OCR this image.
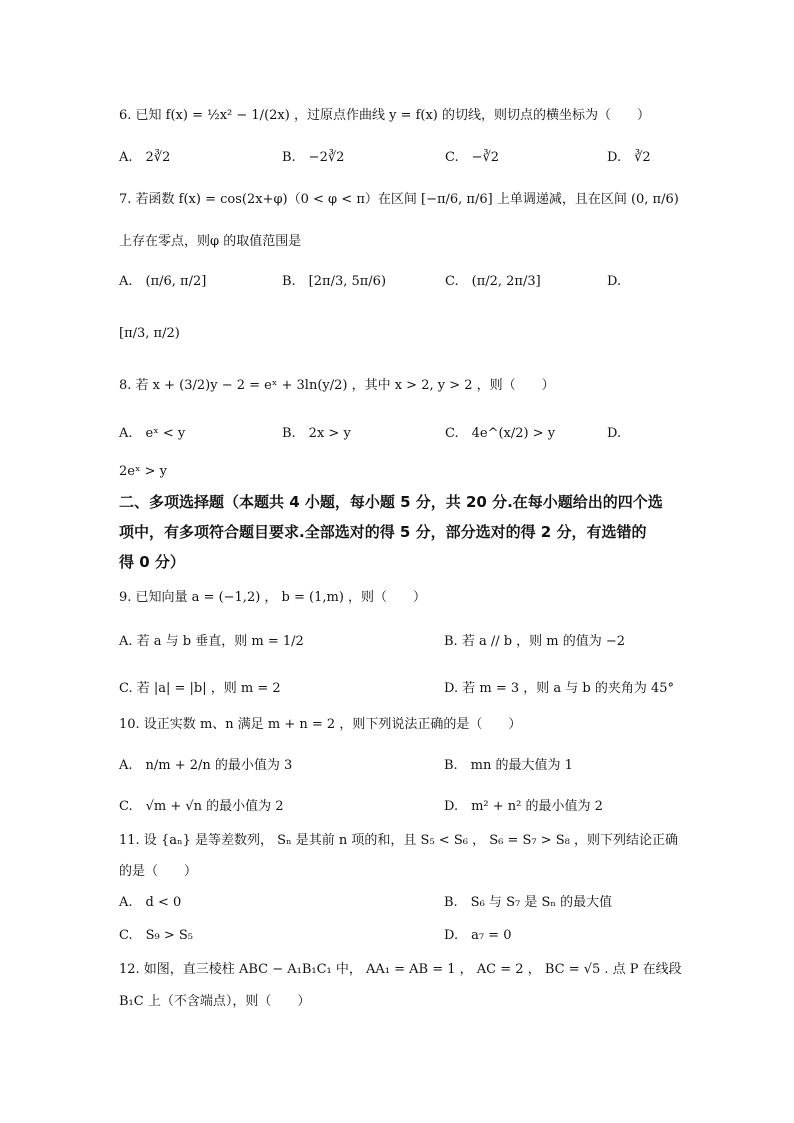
6. 已知 f(x) = ½x² − 1/(2x) ，过原点作曲线 y = f(x) 的切线，则切点的横坐标为（　　）
A.　2∛2	B.　−2∛2	C.　−∛2	D.　∛2
7. 若函数 f(x) = cos(2x+φ)（0 < φ < π）在区间 [−π/6, π/6] 上单调递减，且在区间 (0, π/6)
上存在零点，则φ 的取值范围是
A.　(π/6, π/2]	B.　[2π/3, 5π/6)	C.　(π/2, 2π/3]	D.
[π/3, π/2)
8. 若 x + (3/2)y − 2 = eˣ + 3ln(y/2) ，其中 x > 2, y > 2 ，则（　　）
A.　eˣ < y	B.　2x > y	C.　4e^(x/2) > y	D.
2eˣ > y
二、多项选择题（本题共 4 小题，每小题 5 分，共 20 分.在每小题给出的四个选
项中，有多项符合题目要求.全部选对的得 5 分，部分选对的得 2 分，有选错的
得 0 分）
9. 已知向量 a = (−1,2) ， b = (1,m) ，则（　　）
A. 若 a 与 b 垂直，则 m = 1/2	B. 若 a // b ，则 m 的值为 −2
C. 若 |a| = |b| ，则 m = 2	D. 若 m = 3 ，则 a 与 b 的夹角为 45°
10. 设正实数 m、n 满足 m + n = 2 ，则下列说法正确的是（　　）
A.　n/m + 2/n 的最小值为 3	B.　mn 的最大值为 1
C.　√m + √n 的最小值为 2	D.　m² + n² 的最小值为 2
11. 设 {aₙ} 是等差数列， Sₙ 是其前 n 项的和，且 S₅ < S₆ ， S₆ = S₇ > S₈ ，则下列结论正确
的是（　　）
A.　d < 0	B.　S₆ 与 S₇ 是 Sₙ 的最大值
C.　S₉ > S₅	D.　a₇ = 0
12. 如图，直三棱柱 ABC − A₁B₁C₁ 中， AA₁ = AB = 1 ， AC = 2 ， BC = √5 . 点 P 在线段
B₁C 上（不含端点），则（　　）
